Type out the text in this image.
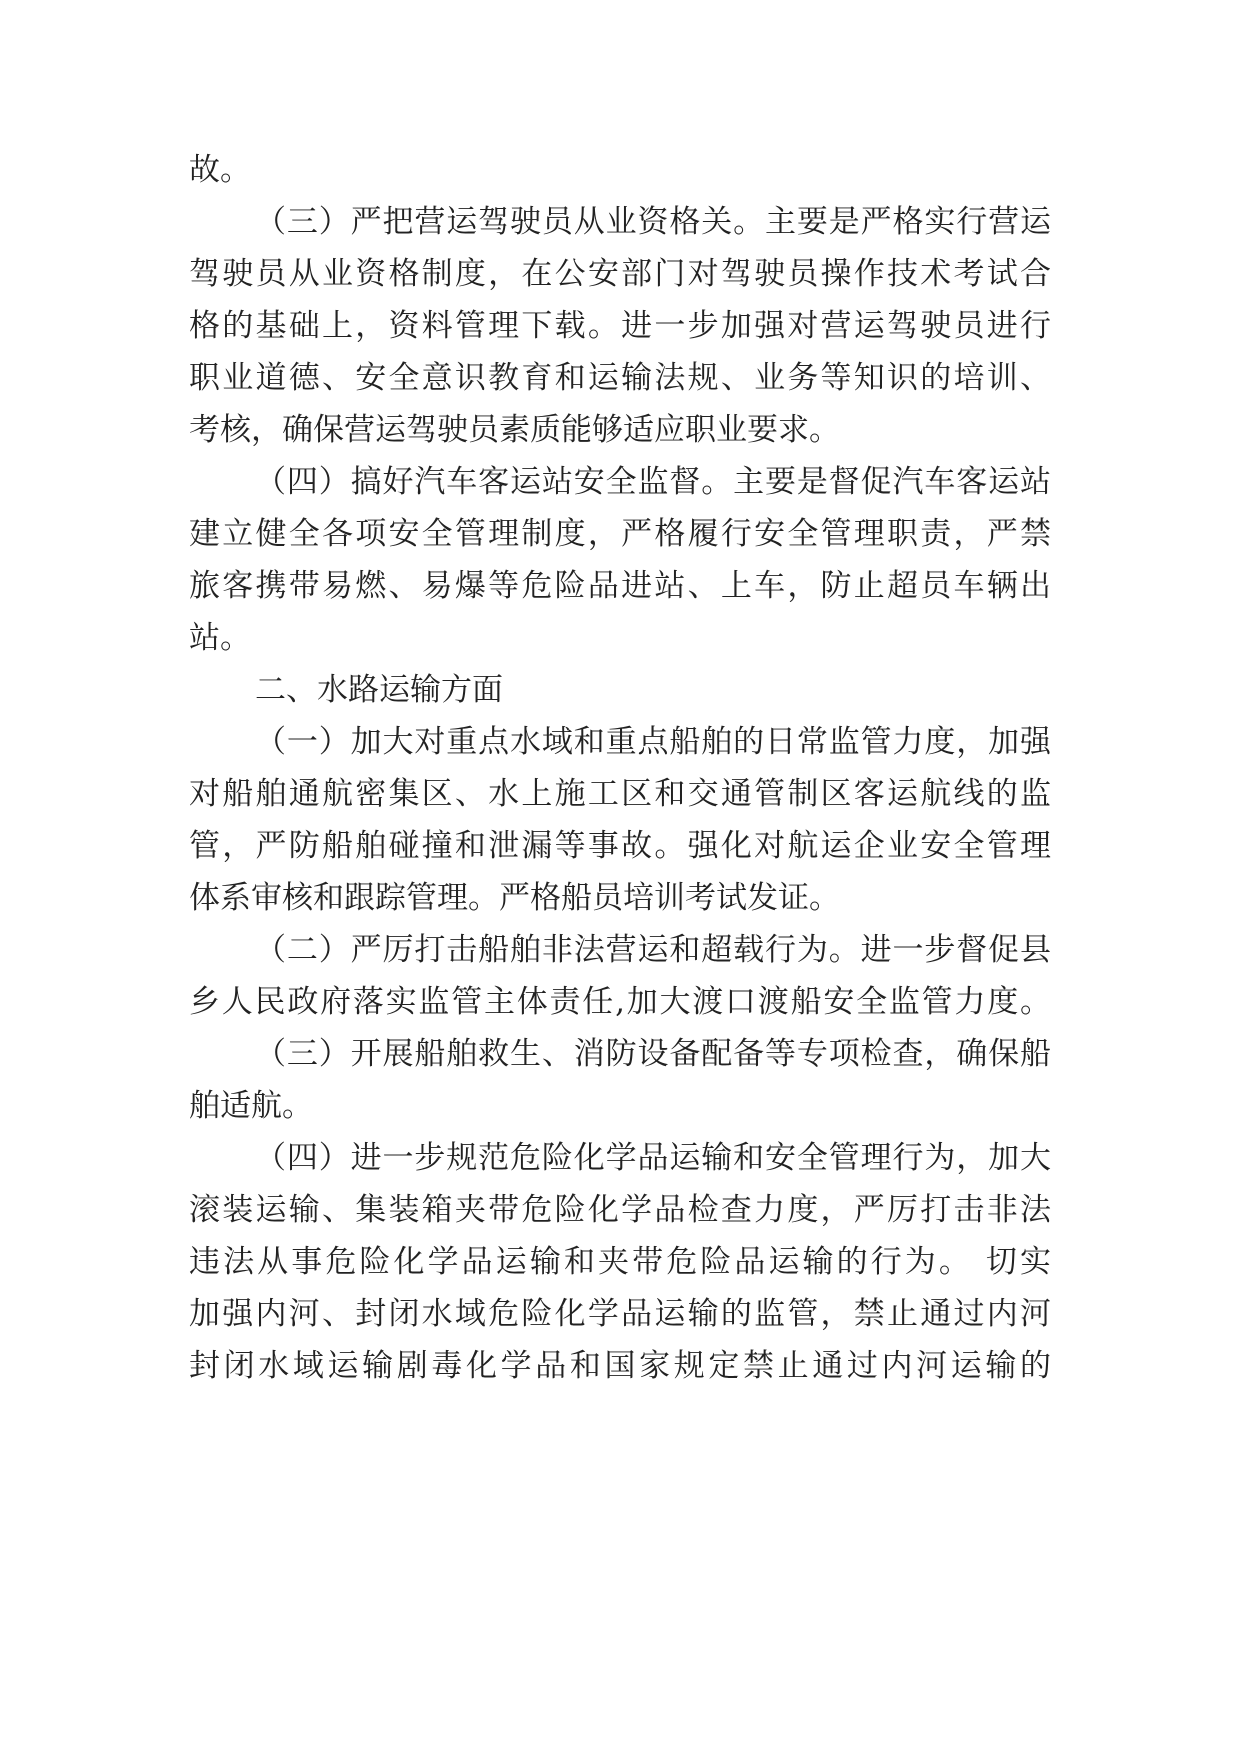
故。
（三）严把营运驾驶员从业资格关。主要是严格实行营运
驾驶员从业资格制度，在公安部门对驾驶员操作技术考试合
格的基础上，资料管理下载。进一步加强对营运驾驶员进行
职业道德、安全意识教育和运输法规、业务等知识的培训、
考核，确保营运驾驶员素质能够适应职业要求。
（四）搞好汽车客运站安全监督。主要是督促汽车客运站
建立健全各项安全管理制度，严格履行安全管理职责，严禁
旅客携带易燃、易爆等危险品进站、上车，防止超员车辆出
站。
二、水路运输方面
（一）加大对重点水域和重点船舶的日常监管力度，加强
对船舶通航密集区、水上施工区和交通管制区客运航线的监
管，严防船舶碰撞和泄漏等事故。强化对航运企业安全管理
体系审核和跟踪管理。严格船员培训考试发证。
（二）严厉打击船舶非法营运和超载行为。进一步督促县
乡人民政府落实监管主体责任,加大渡口渡船安全监管力度。
（三）开展船舶救生、消防设备配备等专项检查，确保船
舶适航。
（四）进一步规范危险化学品运输和安全管理行为，加大
滚装运输、集装箱夹带危险化学品检查力度，严厉打击非法
违法从事危险化学品运输和夹带危险品运输的行为。 切实
加强内河、封闭水域危险化学品运输的监管，禁止通过内河
封闭水域运输剧毒化学品和国家规定禁止通过内河运输的
